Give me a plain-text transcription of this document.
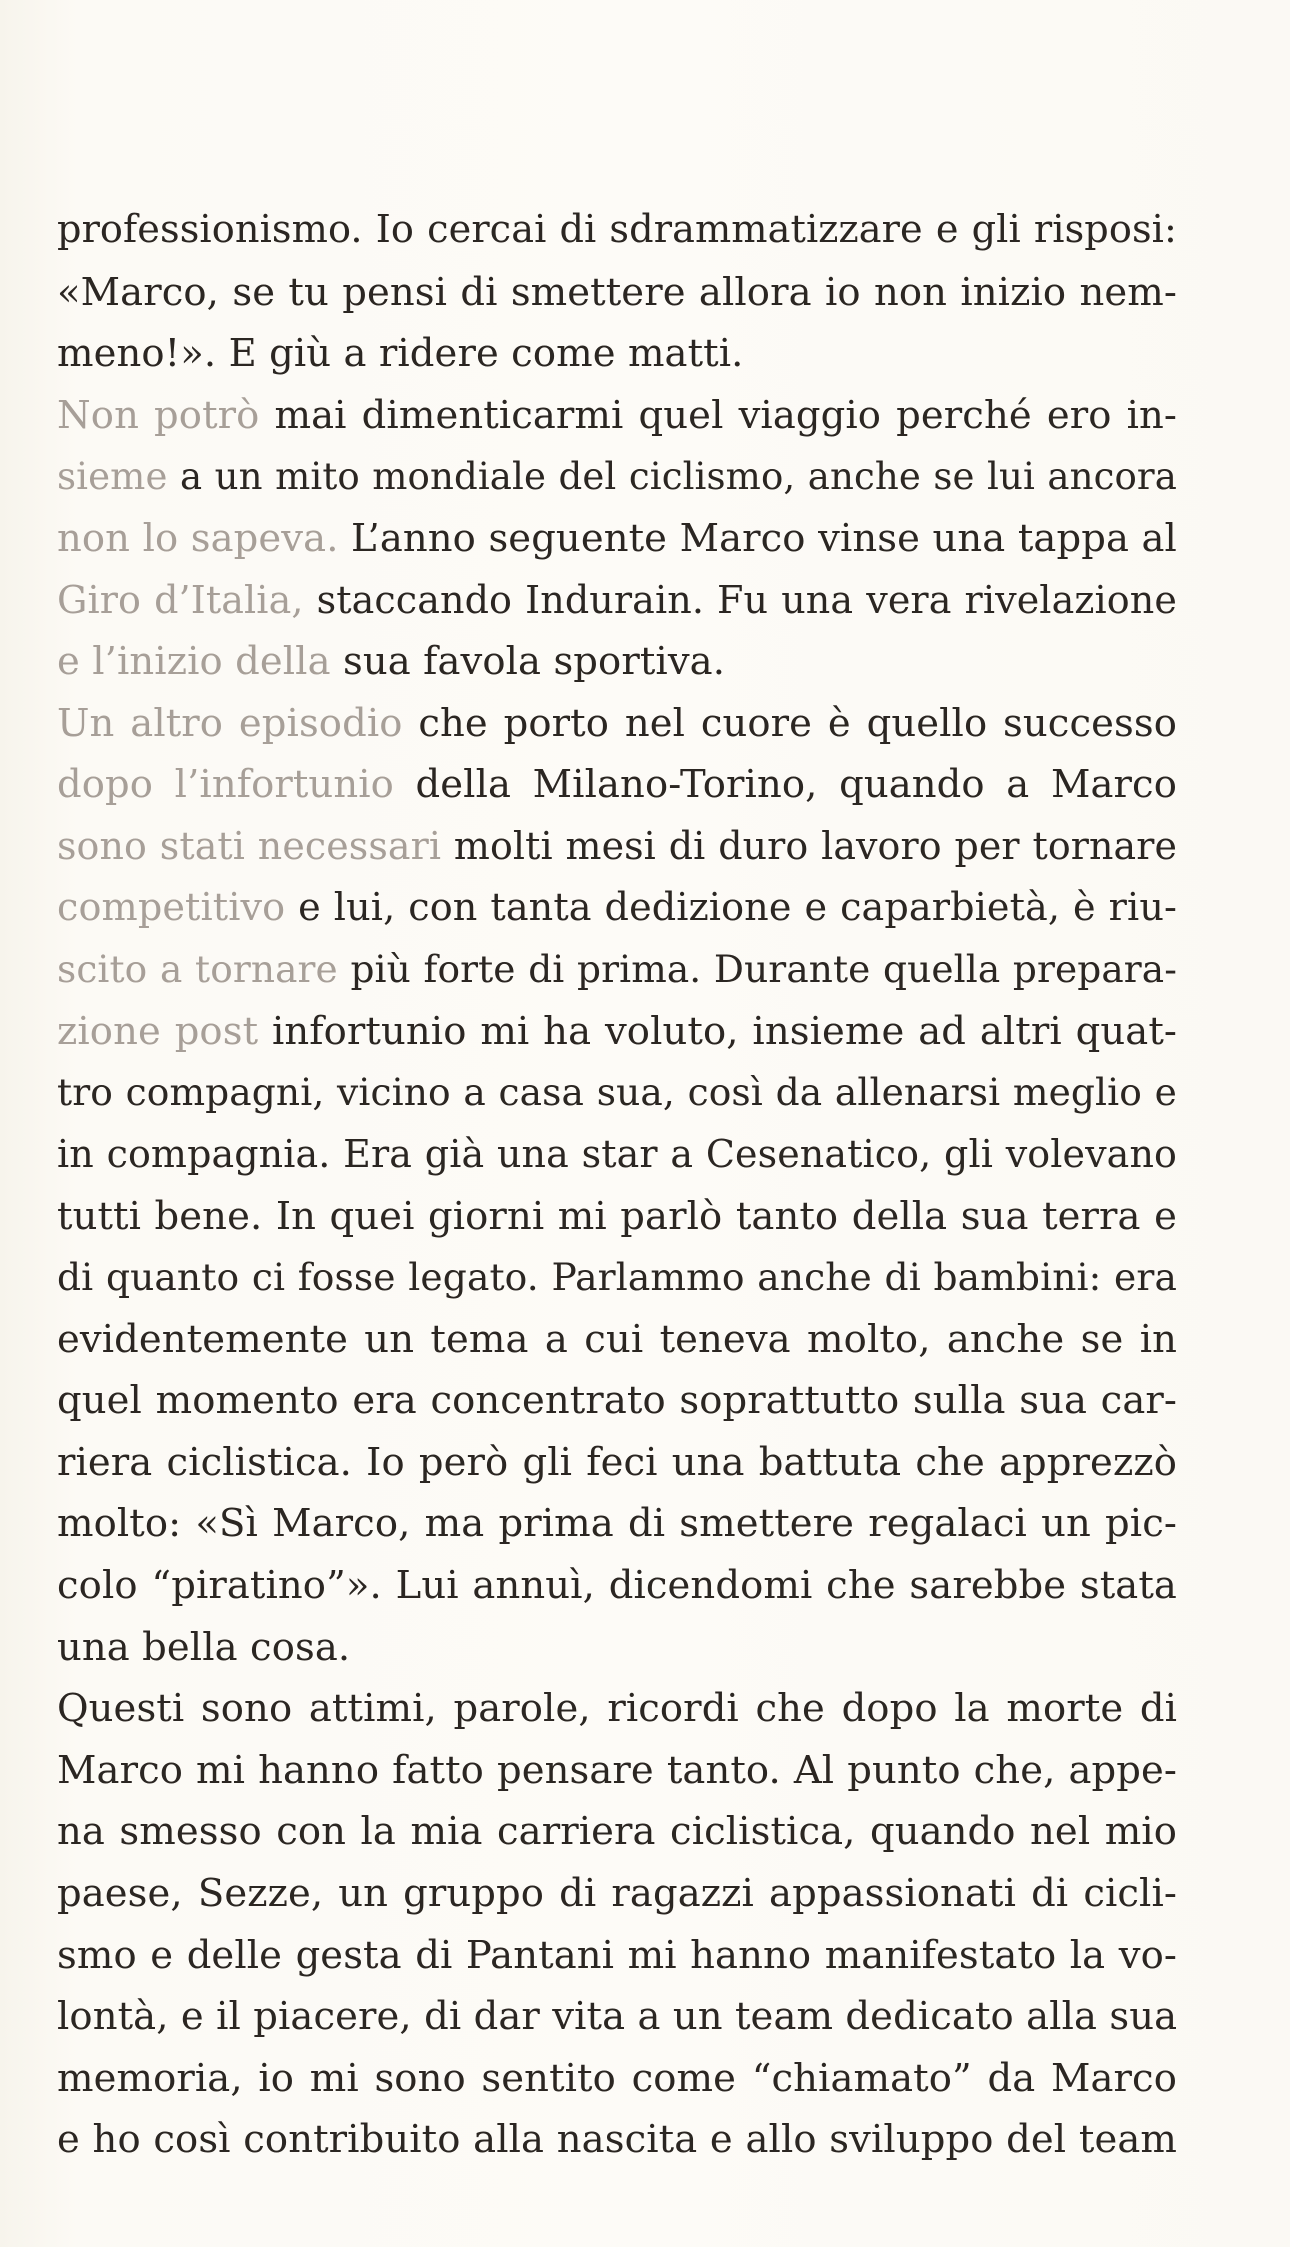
professionismo. Io cercai di sdrammatizzare e gli risposi:
«Marco, se tu pensi di smettere allora io non inizio nem-
meno!». E giù a ridere come matti.
Non potrò mai dimenticarmi quel viaggio perché ero in-
sieme a un mito mondiale del ciclismo, anche se lui ancora
non lo sapeva. L’anno seguente Marco vinse una tappa al
Giro d’Italia, staccando Indurain. Fu una vera rivelazione
e l’inizio della sua favola sportiva.
Un altro episodio che porto nel cuore è quello successo
dopo l’infortunio della Milano-Torino, quando a Marco
sono stati necessari molti mesi di duro lavoro per tornare
competitivo e lui, con tanta dedizione e caparbietà, è riu-
scito a tornare più forte di prima. Durante quella prepara-
zione post infortunio mi ha voluto, insieme ad altri quat-
tro compagni, vicino a casa sua, così da allenarsi meglio e
in compagnia. Era già una star a Cesenatico, gli volevano
tutti bene. In quei giorni mi parlò tanto della sua terra e
di quanto ci fosse legato. Parlammo anche di bambini: era
evidentemente un tema a cui teneva molto, anche se in
quel momento era concentrato soprattutto sulla sua car-
riera ciclistica. Io però gli feci una battuta che apprezzò
molto: «Sì Marco, ma prima di smettere regalaci un pic-
colo “piratino”». Lui annuì, dicendomi che sarebbe stata
una bella cosa.
Questi sono attimi, parole, ricordi che dopo la morte di
Marco mi hanno fatto pensare tanto. Al punto che, appe-
na smesso con la mia carriera ciclistica, quando nel mio
paese, Sezze, un gruppo di ragazzi appassionati di cicli-
smo e delle gesta di Pantani mi hanno manifestato la vo-
lontà, e il piacere, di dar vita a un team dedicato alla sua
memoria, io mi sono sentito come “chiamato” da Marco
e ho così contribuito alla nascita e allo sviluppo del team
